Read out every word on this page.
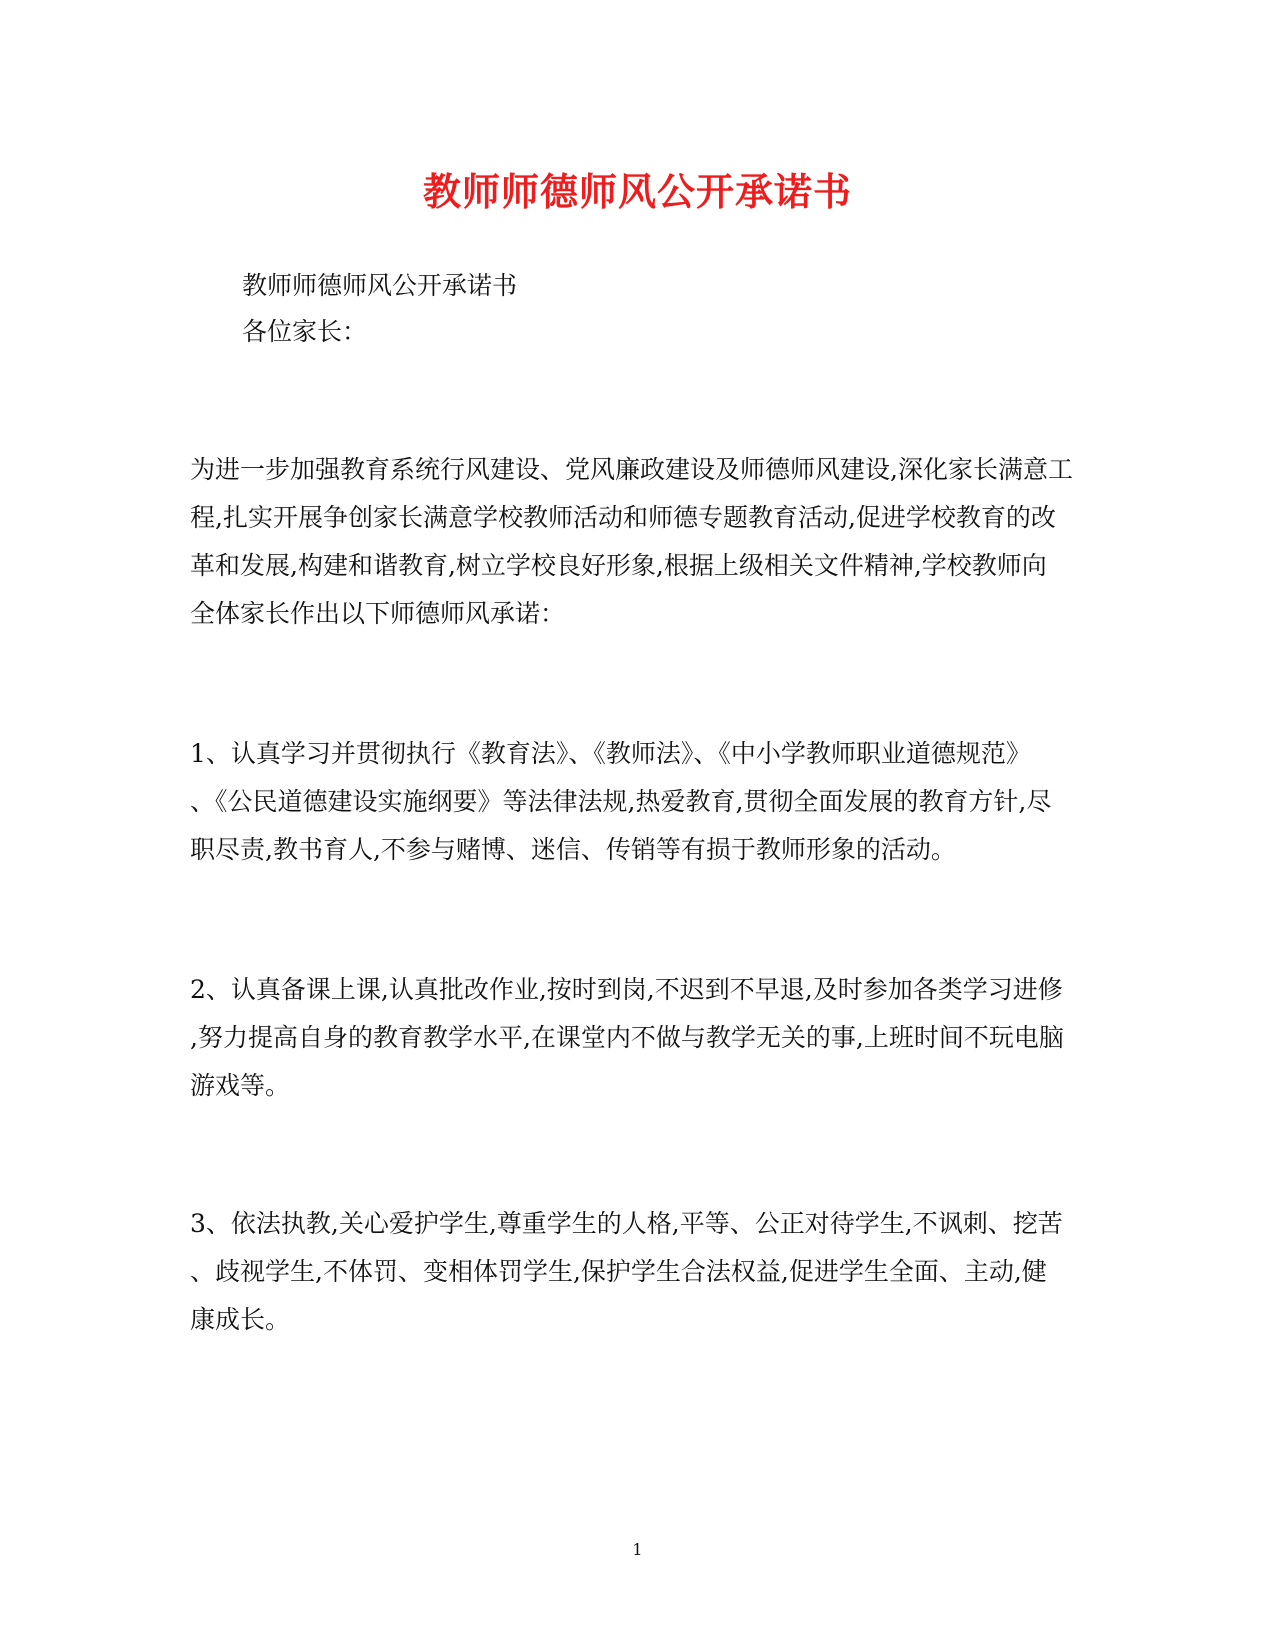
教师师德师风公开承诺书

教师师德师风公开承诺书

各位家长：

为进一步加强教育系统行风建设、党风廉政建设及师德师风建设,深化家长满意工
程,扎实开展争创家长满意学校教师活动和师德专题教育活动,促进学校教育的改
革和发展,构建和谐教育,树立学校良好形象,根据上级相关文件精神,学校教师向
全体家长作出以下师德师风承诺：
1、认真学习并贯彻执行《教育法》、《教师法》、《中小学教师职业道德规范》
、《公民道德建设实施纲要》等法律法规,热爱教育,贯彻全面发展的教育方针,尽
职尽责,教书育人,不参与赌博、迷信、传销等有损于教师形象的活动。
2、认真备课上课,认真批改作业,按时到岗,不迟到不早退,及时参加各类学习进修
,努力提高自身的教育教学水平,在课堂内不做与教学无关的事,上班时间不玩电脑
游戏等。
3、依法执教,关心爱护学生,尊重学生的人格,平等、公正对待学生,不讽刺、挖苦
、歧视学生,不体罚、变相体罚学生,保护学生合法权益,促进学生全面、主动,健
康成长。
1
